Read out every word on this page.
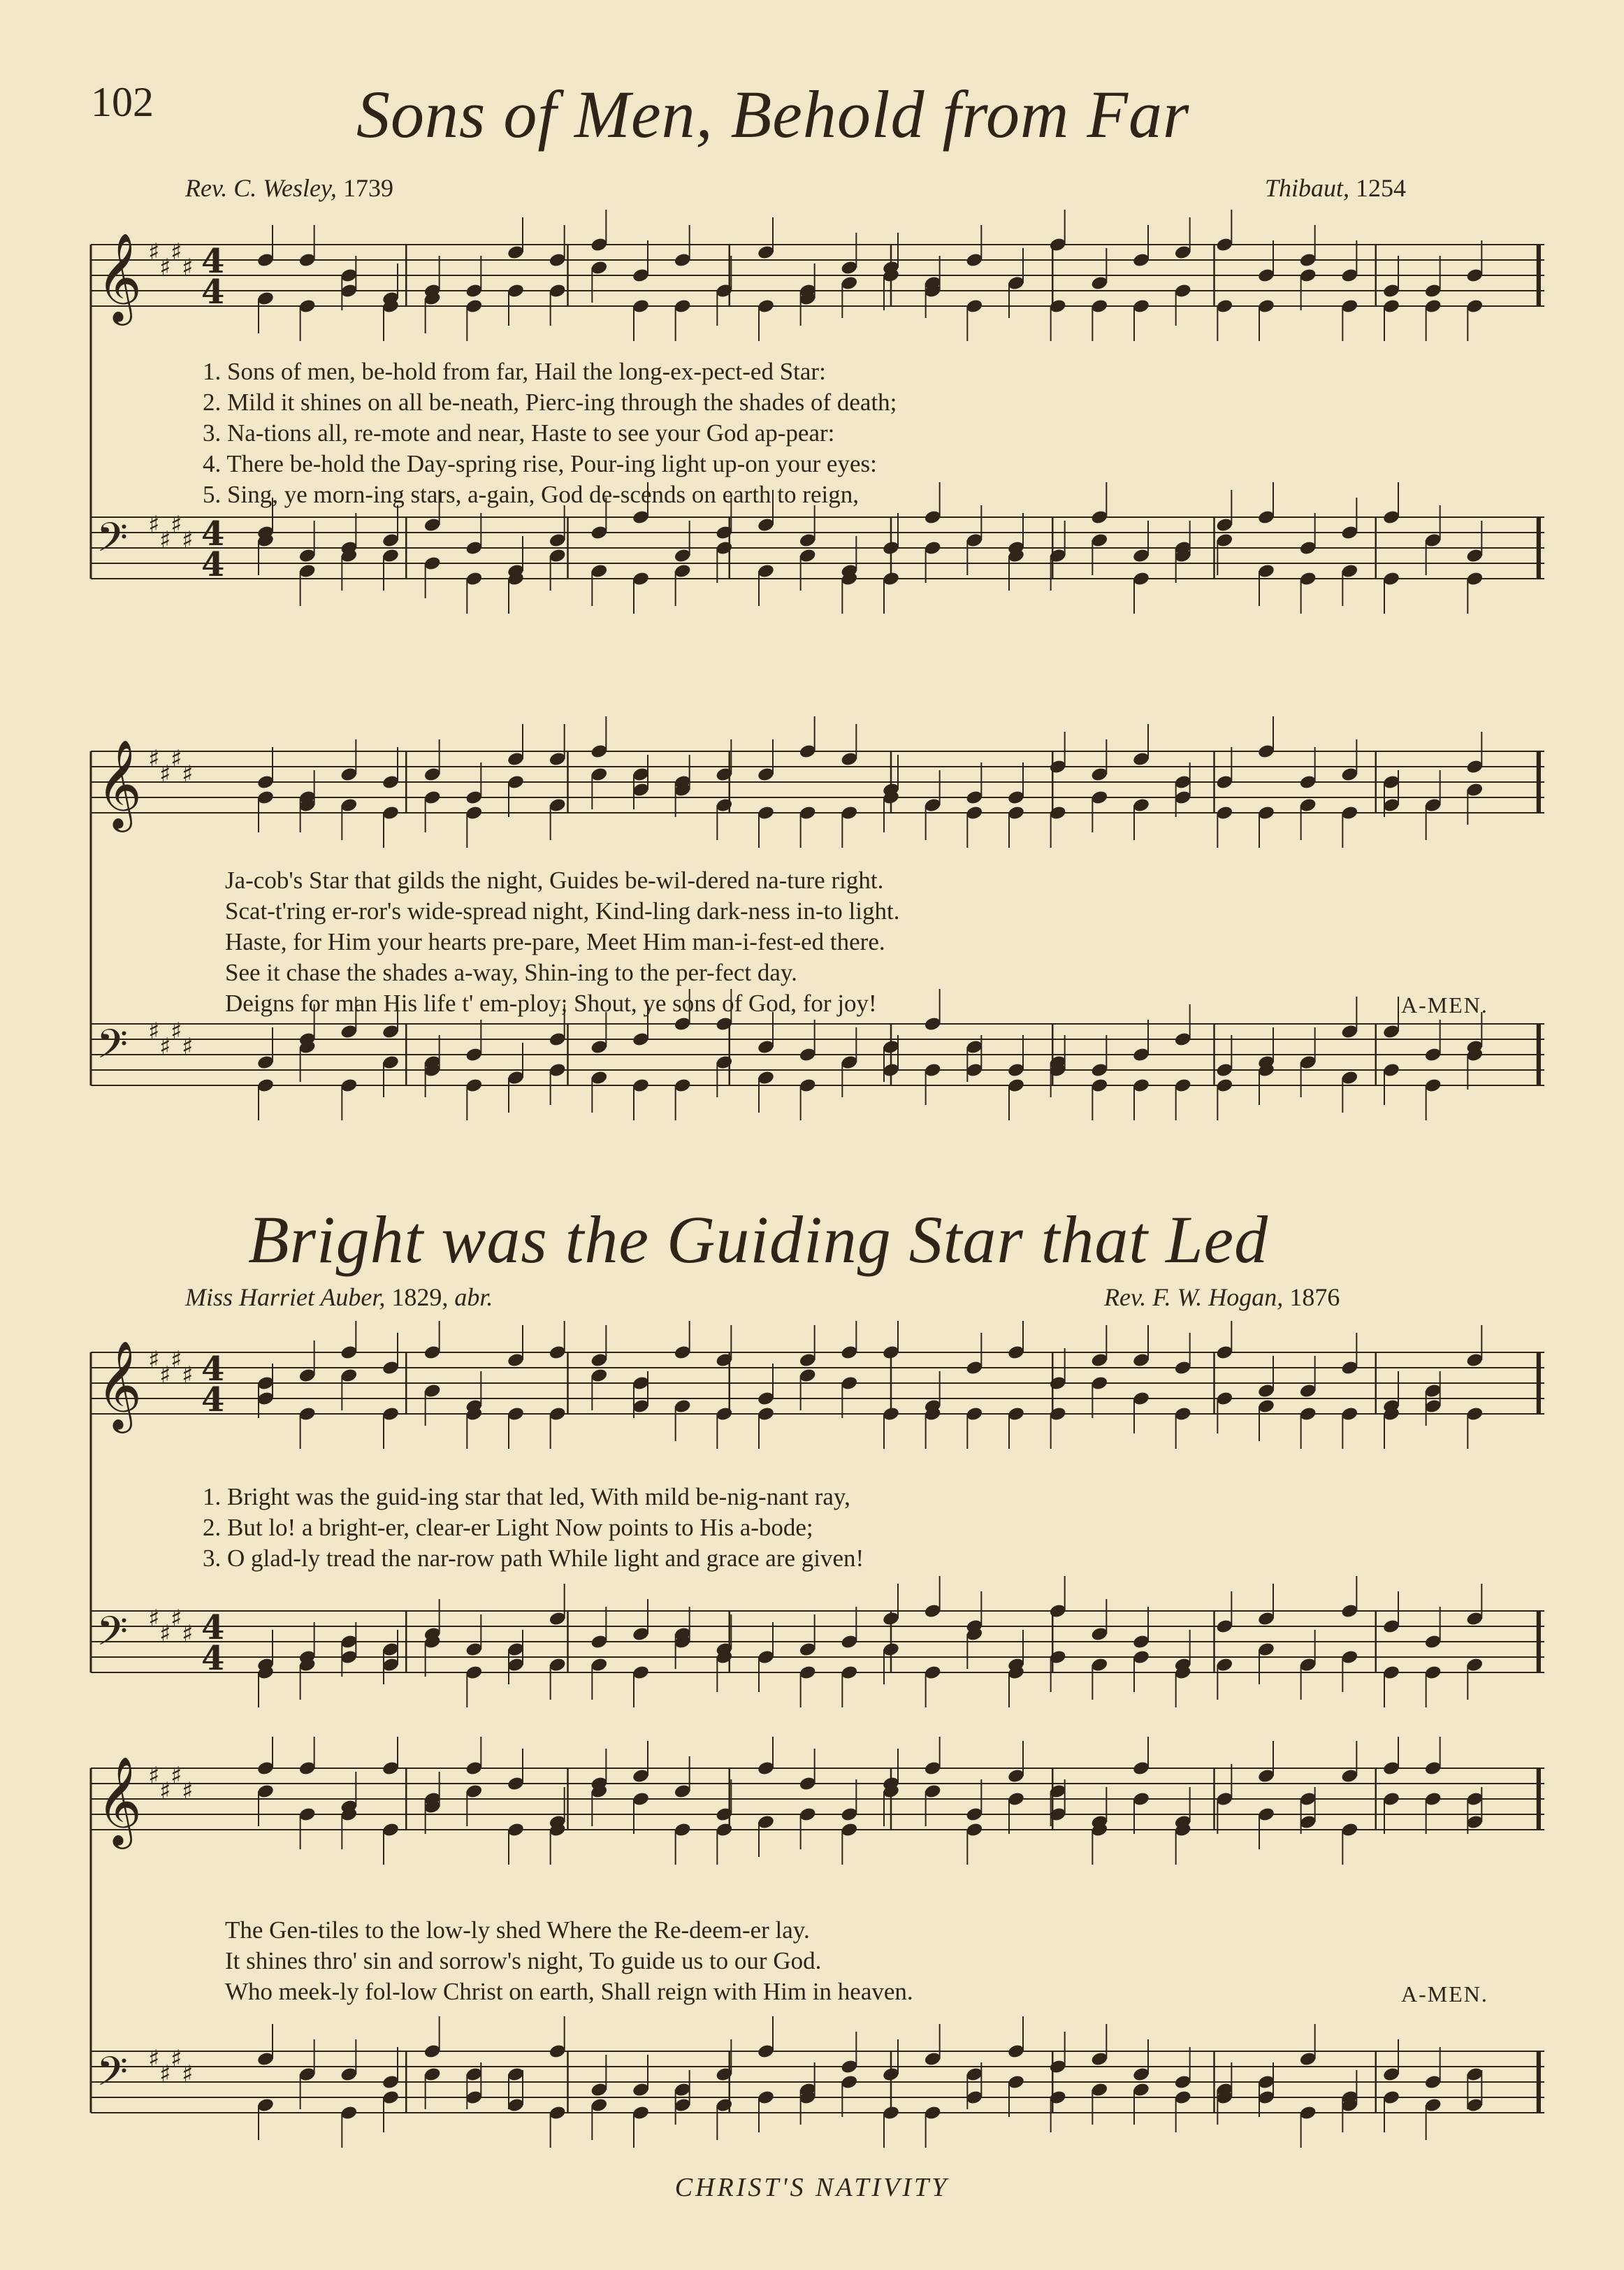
102	Sons of Men, Behold from Far
Rev. C. Wesley, 1739	Thibaut, 1254
𝄞 ♯
♯
♯
♯ 4
4
𝄢 ♯
♯
♯
♯ 4
4
1. Sons of men, be-hold from far, Hail the long-ex-pect-ed Star:
2. Mild it shines on all be-neath, Pierc-ing through the shades of death;
3. Na-tions all, re-mote and near, Haste to see your God ap-pear:
4. There be-hold the Day-spring rise, Pour-ing light up-on your eyes:
5. Sing, ye morn-ing stars, a-gain, God de-scends on earth to reign,
𝄞 ♯
♯
♯
♯
𝄢 ♯
♯
♯
♯
Ja-cob's Star that gilds the night, Guides be-wil-dered na-ture right.
Scat-t'ring er-ror's wide-spread night, Kind-ling dark-ness in-to light.
Haste, for Him your hearts pre-pare, Meet Him man-i-fest-ed there.
See it chase the shades a-way, Shin-ing to the per-fect day.
Deigns for man His life t' em-ploy; Shout, ye sons of God, for joy!	A-MEN.
Bright was the Guiding Star that Led
Miss Harriet Auber, 1829, abr.	Rev. F. W. Hogan, 1876
𝄞 ♯
♯
♯
♯ 4
4
𝄢 ♯
♯
♯
♯ 4
4
1. Bright was the guid-ing star that led, With mild be-nig-nant ray,
2. But lo! a bright-er, clear-er Light Now points to His a-bode;
3. O glad-ly tread the nar-row path While light and grace are given!
𝄞 ♯
♯
♯
♯
𝄢 ♯
♯
♯
♯
The Gen-tiles to the low-ly shed Where the Re-deem-er lay.
It shines thro' sin and sorrow's night, To guide us to our God.
Who meek-ly fol-low Christ on earth, Shall reign with Him in heaven.	A-MEN.
CHRIST'S NATIVITY
